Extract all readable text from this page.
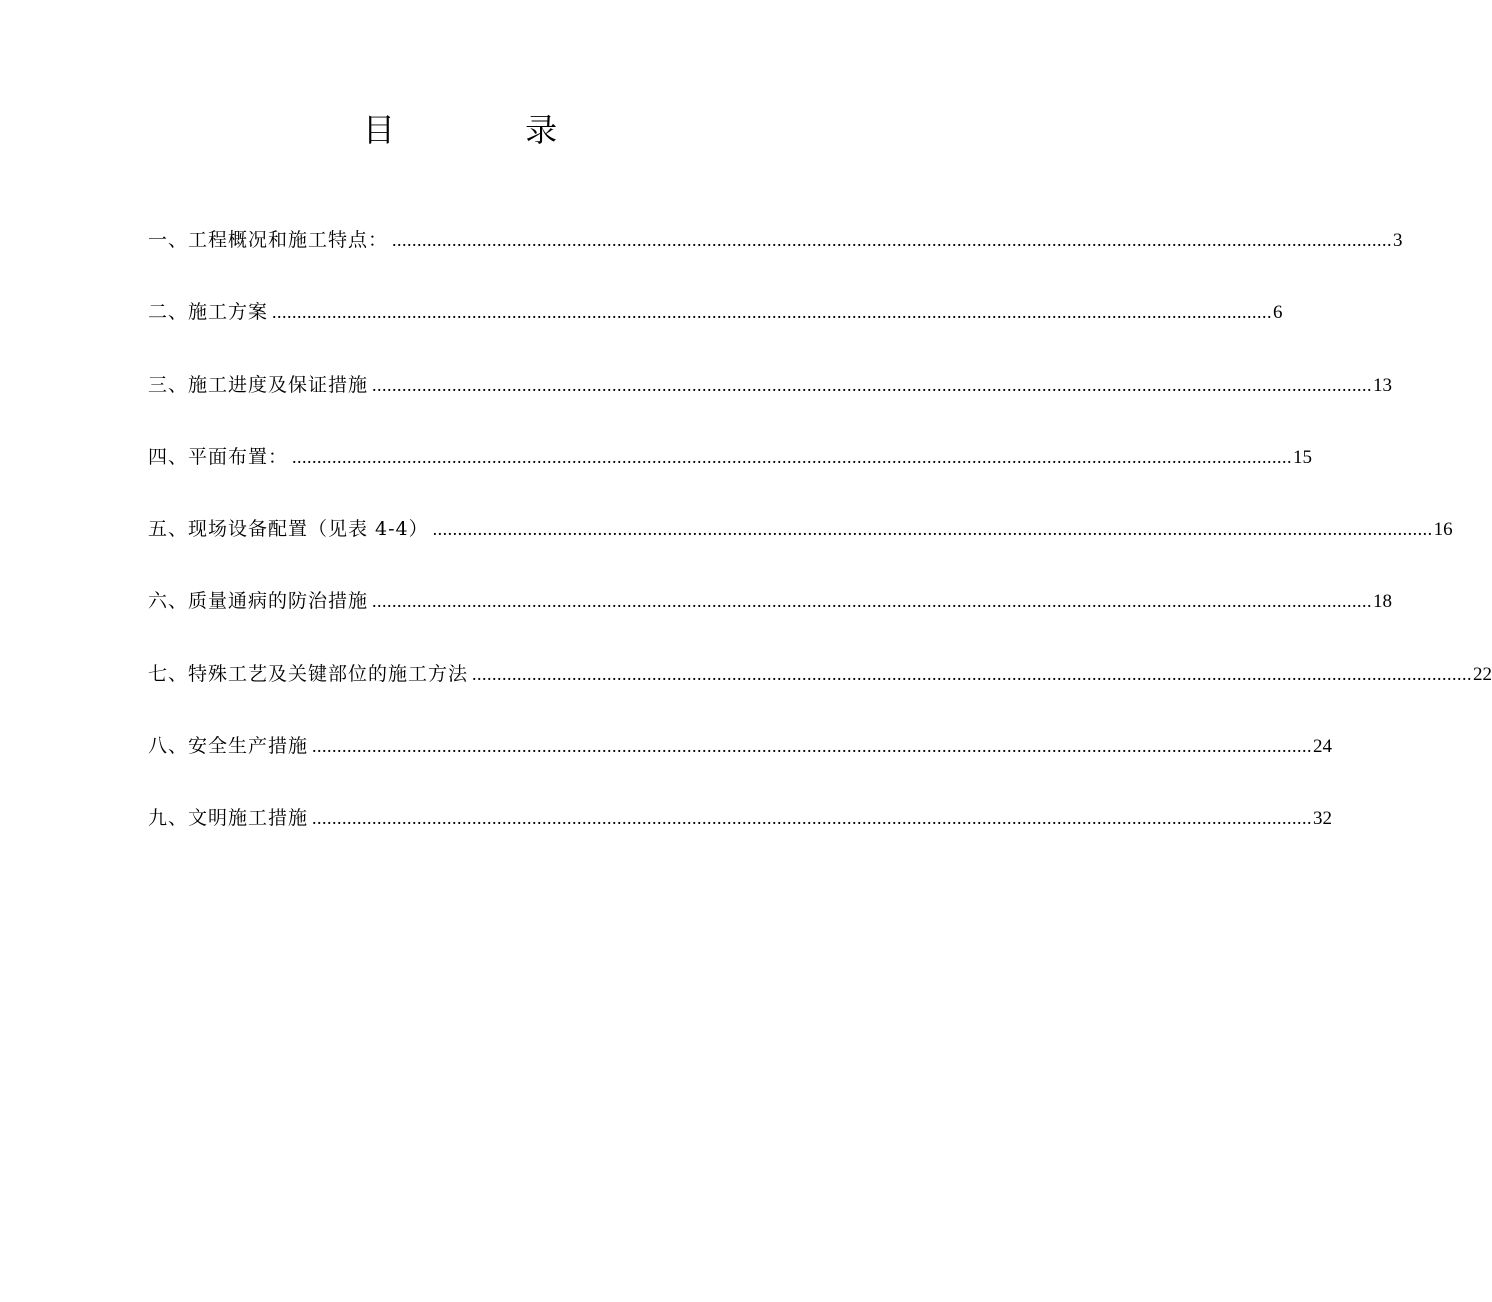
目 录
一、工程概况和施工特点： ........................................................................................................................................................................................................ 3
二、施工方案 ........................................................................................................................................................................................................ 6
三、施工进度及保证措施 ........................................................................................................................................................................................................ 13
四、平面布置： ........................................................................................................................................................................................................ 15
五、现场设备配置（见表 4-4） ........................................................................................................................................................................................................ 16
六、质量通病的防治措施 ........................................................................................................................................................................................................ 18
七、特殊工艺及关键部位的施工方法 ........................................................................................................................................................................................................ 22
八、安全生产措施 ........................................................................................................................................................................................................ 24
九、文明施工措施 ........................................................................................................................................................................................................ 32
